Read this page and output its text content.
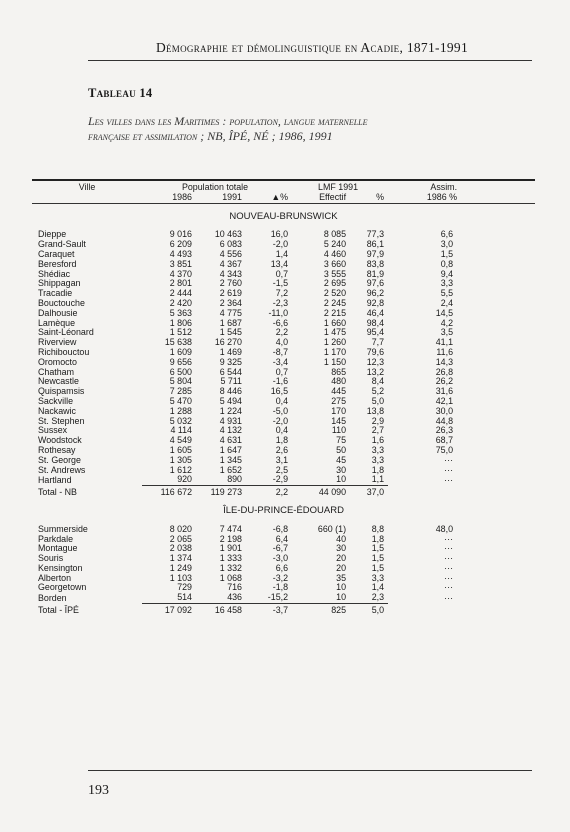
Démographie et démolinguistique en Acadie, 1871-1991
Tableau 14
Les villes dans les Maritimes : population, langue maternelle
française et assimilation ; NB, ÎPÉ, NÉ ; 1986, 1991
Ville	Population totale			LMF 1991		Assim.	
	1986	1991	▲%	Effectif	%	1986 %	

NOUVEAU-BRUNSWICK							
Dieppe	9 016	10 463	16,0	8 085	77,3	6,6	
Grand-Sault	6 209	6 083	-2,0	5 240	86,1	3,0	
Caraquet	4 493	4 556	1,4	4 460	97,9	1,5	
Beresford	3 851	4 367	13,4	3 660	83,8	0,8	
Shédiac	4 370	4 343	0,7	3 555	81,9	9,4	
Shippagan	2 801	2 760	-1,5	2 695	97,6	3,3	
Tracadie	2 444	2 619	7,2	2 520	96,2	5,5	
Bouctouche	2 420	2 364	-2,3	2 245	92,8	2,4	
Dalhousie	5 363	4 775	-11,0	2 215	46,4	14,5	
Lamèque	1 806	1 687	-6,6	1 660	98,4	4,2	
Saint-Léonard	1 512	1 545	2,2	1 475	95,4	3,5	
Riverview	15 638	16 270	4,0	1 260	7,7	41,1	
Richibouctou	1 609	1 469	-8,7	1 170	79,6	11,6	
Oromocto	9 656	9 325	-3,4	1 150	12,3	14,3	
Chatham	6 500	6 544	0,7	865	13,2	26,8	
Newcastle	5 804	5 711	-1,6	480	8,4	26,2	
Quispamsis	7 285	8 446	16,5	445	5,2	31,6	
Sackville	5 470	5 494	0,4	275	5,0	42,1	
Nackawic	1 288	1 224	-5,0	170	13,8	30,0	
St. Stephen	5 032	4 931	-2,0	145	2,9	44,8	
Sussex	4 114	4 132	0,4	110	2,7	26,3	
Woodstock	4 549	4 631	1,8	75	1,6	68,7	
Rothesay	1 605	1 647	2,6	50	3,3	75,0	
St. George	1 305	1 345	3,1	45	3,3	···	
St. Andrews	1 612	1 652	2,5	30	1,8	···	
Hartland	920	890	-2,9	10	1,1	···	
Total - NB	116 672	119 273	2,2	44 090	37,0		
ÎLE-DU-PRINCE-ÉDOUARD							
Summerside	8 020	7 474	-6,8	660 (1)	8,8	48,0	
Parkdale	2 065	2 198	6,4	40	1,8	···	
Montague	2 038	1 901	-6,7	30	1,5	···	
Souris	1 374	1 333	-3,0	20	1,5	···	
Kensington	1 249	1 332	6,6	20	1,5	···	
Alberton	1 103	1 068	-3,2	35	3,3	···	
Georgetown	729	716	-1,8	10	1,4	···	
Borden	514	436	-15,2	10	2,3	···	
Total - ÎPÉ	17 092	16 458	-3,7	825	5,0		
193
